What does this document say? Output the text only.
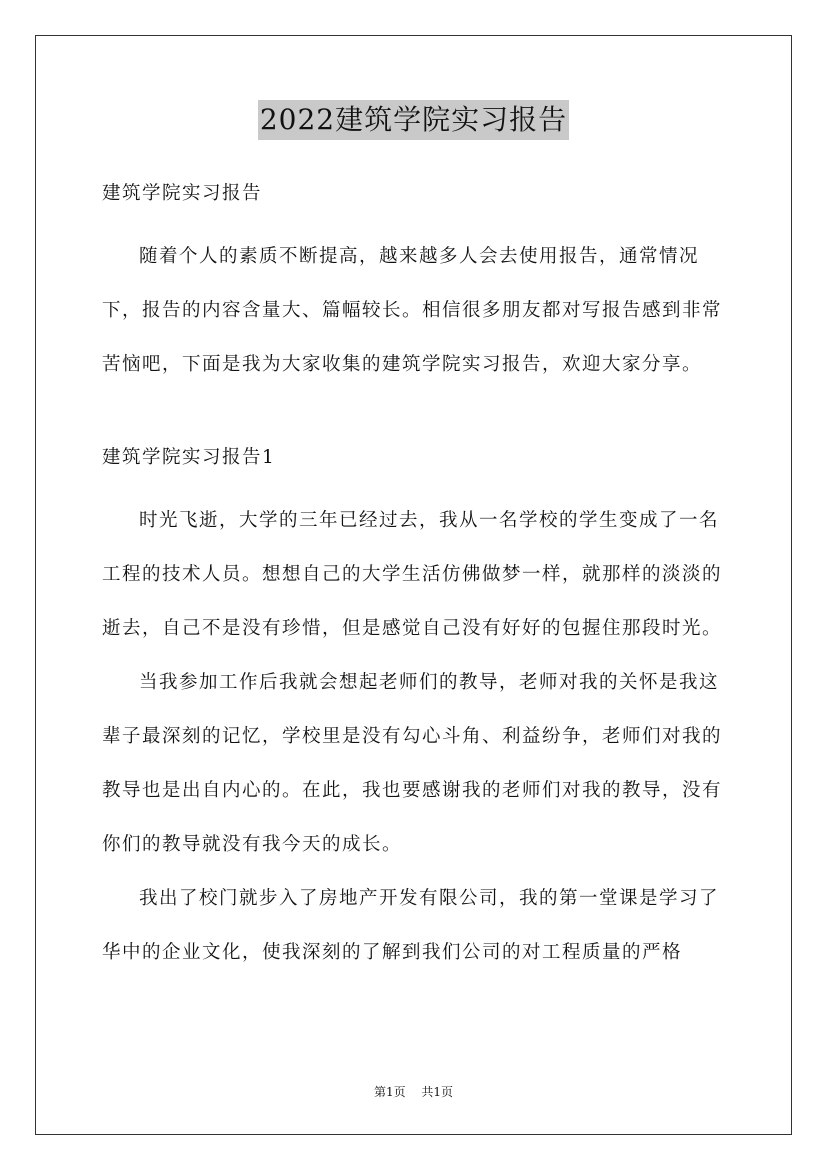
2022建筑学院实习报告

建筑学院实习报告

随着个人的素质不断提高，越来越多人会去使用报告，通常情况下，报告的内容含量大、篇幅较长。相信很多朋友都对写报告感到非常苦恼吧，下面是我为大家收集的建筑学院实习报告，欢迎大家分享。

建筑学院实习报告1

时光飞逝，大学的三年已经过去，我从一名学校的学生变成了一名工程的技术人员。想想自己的大学生活仿佛做梦一样，就那样的淡淡的逝去，自己不是没有珍惜，但是感觉自己没有好好的包握住那段时光。

当我参加工作后我就会想起老师们的教导，老师对我的关怀是我这辈子最深刻的记忆，学校里是没有勾心斗角、利益纷争，老师们对我的教导也是出自内心的。在此，我也要感谢我的老师们对我的教导，没有你们的教导就没有我今天的成长。

我出了校门就步入了房地产开发有限公司，我的第一堂课是学习了华中的企业文化，使我深刻的了解到我们公司的对工程质量的严格

第1页 共1页
